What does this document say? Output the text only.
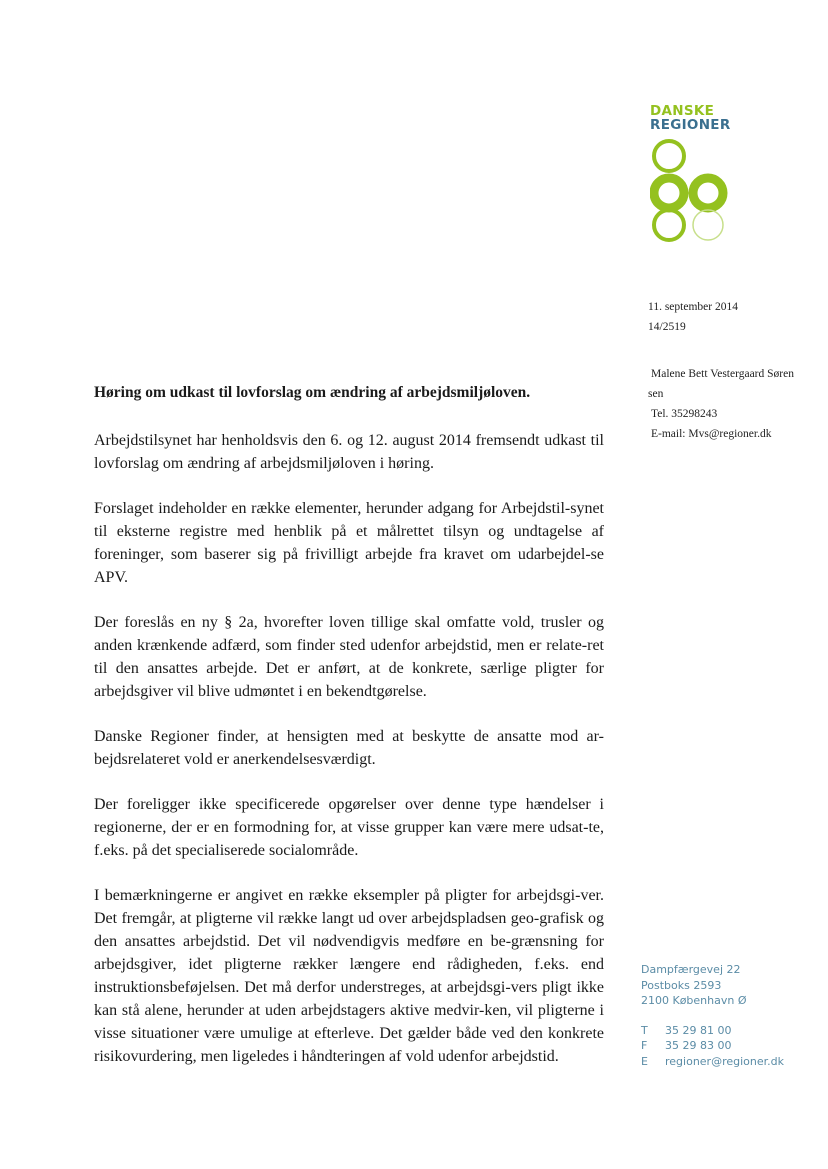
DANSKE
REGIONER
11. september 2014
14/2519
Malene Bett Vestergaard Søren
sen
Tel. 35298243
E-mail: Mvs@regioner.dk
Høring om udkast til lovforslag om ændring af arbejdsmiljøloven.

Arbejdstilsynet har henholdsvis den 6. og 12. august 2014 fremsendt udkast til lovforslag om ændring af arbejdsmiljøloven i høring.

Forslaget indeholder en række elementer, herunder adgang for Arbejdstil-synet til eksterne registre med henblik på et målrettet tilsyn og undtagelse af foreninger, som baserer sig på frivilligt arbejde fra kravet om udarbejdel-se APV.

Der foreslås en ny § 2a, hvorefter loven tillige skal omfatte vold, trusler og anden krænkende adfærd, som finder sted udenfor arbejdstid, men er relate-ret til den ansattes arbejde. Det er anført, at de konkrete, særlige pligter for arbejdsgiver vil blive udmøntet i en bekendtgørelse.

Danske Regioner finder, at hensigten med at beskytte de ansatte mod ar-bejdsrelateret vold er anerkendelsesværdigt.

Der foreligger ikke specificerede opgørelser over denne type hændelser i regionerne, der er en formodning for, at visse grupper kan være mere udsat-te, f.eks. på det specialiserede socialområde.

I bemærkningerne er angivet en række eksempler på pligter for arbejdsgi-ver. Det fremgår, at pligterne vil række langt ud over arbejdspladsen geo-grafisk og den ansattes arbejdstid. Det vil nødvendigvis medføre en be-grænsning for arbejdsgiver, idet pligterne rækker længere end rådigheden, f.eks. end instruktionsbeføjelsen. Det må derfor understreges, at arbejdsgi-vers pligt ikke kan stå alene, herunder at uden arbejdstagers aktive medvir-ken, vil pligterne i visse situationer være umulige at efterleve. Det gælder både ved den konkrete risikovurdering, men ligeledes i håndteringen af vold udenfor arbejdstid.

Dampfærgevej 22
Postboks 2593
2100 København Ø
T	35 29 81 00
F	35 29 83 00
E	regioner@regioner.dk
